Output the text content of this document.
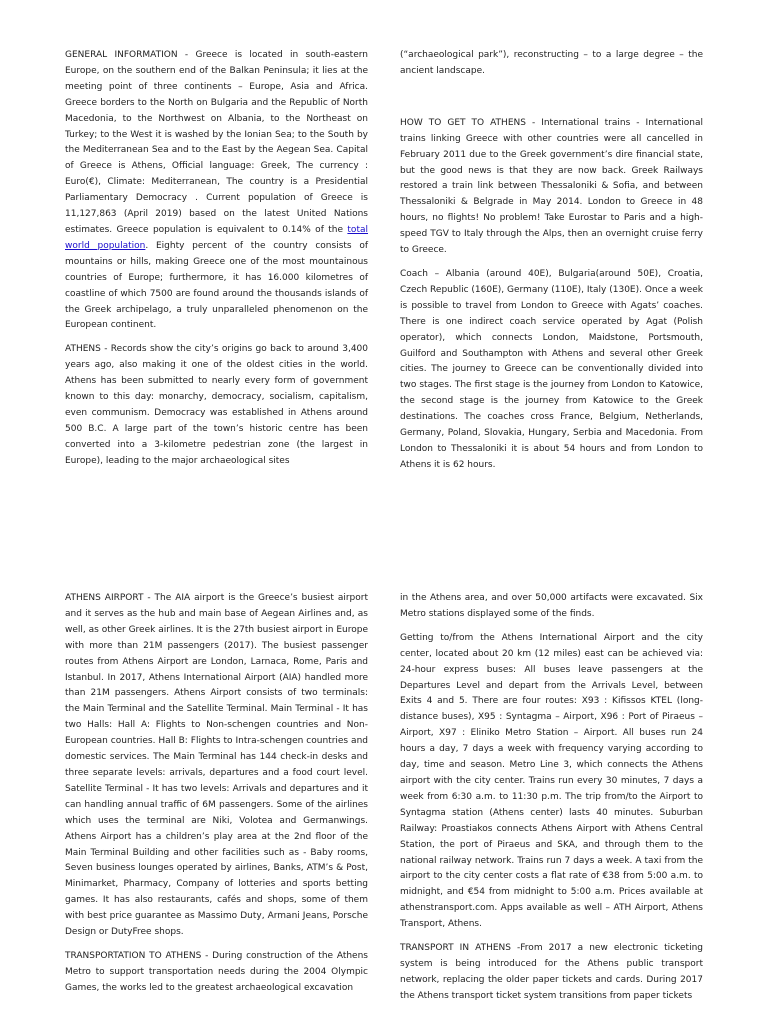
GENERAL INFORMATION - Greece is located in south-eastern Europe, on the southern end of the Balkan Peninsula; it lies at the meeting point of three continents – Europe, Asia and Africa. Greece borders to the North on Bulgaria and the Republic of North Macedonia, to the Northwest on Albania, to the Northeast on Turkey; to the West it is washed by the Ionian Sea; to the South by the Mediterranean Sea and to the East by the Aegean Sea. Capital of Greece is Athens, Official language: Greek, The currency : Euro(€), Climate: Mediterranean, The country is a Presidential Parliamentary Democracy . Current population of Greece is 11,127,863 (April 2019) based on the latest United Nations estimates. Greece population is equivalent to 0.14% of the total world population. Eighty percent of the country consists of mountains or hills, making Greece one of the most mountainous countries of Europe; furthermore, it has 16.000 kilometres of coastline of which 7500 are found around the thousands islands of the Greek archipelago, a truly unparalleled phenomenon on the European continent.

ATHENS - Records show the city’s origins go back to around 3,400 years ago, also making it one of the oldest cities in the world. Athens has been submitted to nearly every form of government known to this day: monarchy, democracy, socialism, capitalism, even communism. Democracy was established in Athens around 500 B.C. A large part of the town’s historic centre has been converted into a 3-kilometre pedestrian zone (the largest in Europe), leading to the major archaeological sites

(“archaeological park”), reconstructing – to a large degree – the ancient landscape.

HOW TO GET TO ATHENS - International trains - International trains linking Greece with other countries were all cancelled in February 2011 due to the Greek government’s dire financial state, but the good news is that they are now back. Greek Railways restored a train link between Thessaloniki & Sofia, and between Thessaloniki & Belgrade in May 2014. London to Greece in 48 hours, no flights! No problem! Take Eurostar to Paris and a high-speed TGV to Italy through the Alps, then an overnight cruise ferry to Greece.

Coach – Albania (around 40E), Bulgaria(around 50E), Croatia, Czech Republic (160E), Germany (110E), Italy (130E). Once a week is possible to travel from London to Greece with Agats’ coaches. There is one indirect coach service operated by Agat (Polish operator), which connects London, Maidstone, Portsmouth, Guilford and Southampton with Athens and several other Greek cities. The journey to Greece can be conventionally divided into two stages. The first stage is the journey from London to Katowice, the second stage is the journey from Katowice to the Greek destinations. The coaches cross France, Belgium, Netherlands, Germany, Poland, Slovakia, Hungary, Serbia and Macedonia. From London to Thessaloniki it is about 54 hours and from London to Athens it is 62 hours.

ATHENS AIRPORT - The AIA airport is the Greece’s busiest airport and it serves as the hub and main base of Aegean Airlines and, as well, as other Greek airlines. It is the 27th busiest airport in Europe with more than 21M passengers (2017). The busiest passenger routes from Athens Airport are London, Larnaca, Rome, Paris and Istanbul. In 2017, Athens International Airport (AIA) handled more than 21M passengers. Athens Airport consists of two terminals: the Main Terminal and the Satellite Terminal. Main Terminal - It has two Halls: Hall A: Flights to Non-schengen countries and Non-European countries. Hall B: Flights to Intra-schengen countries and domestic services. The Main Terminal has 144 check-in desks and three separate levels: arrivals, departures and a food court level. Satellite Terminal - It has two levels: Arrivals and departures and it can handling annual traffic of 6M passengers. Some of the airlines which uses the terminal are Niki, Volotea and Germanwings. Athens Airport has a children’s play area at the 2nd floor of the Main Terminal Building and other facilities such as - Baby rooms, Seven business lounges operated by airlines, Banks, ATM’s & Post, Minimarket, Pharmacy, Company of lotteries and sports betting games. It has also restaurants, cafés and shops, some of them with best price guarantee as Massimo Duty, Armani Jeans, Porsche Design or DutyFree shops.

TRANSPORTATION TO ATHENS - During construction of the Athens Metro to support transportation needs during the 2004 Olympic Games, the works led to the greatest archaeological excavation

in the Athens area, and over 50,000 artifacts were excavated. Six Metro stations displayed some of the finds.

Getting to/from the Athens International Airport and the city center, located about 20 km (12 miles) east can be achieved via: 24-hour express buses: All buses leave passengers at the Departures Level and depart from the Arrivals Level, between Exits 4 and 5. There are four routes: X93 : Kifissos KTEL (long-distance buses), X95 : Syntagma – Airport, X96 : Port of Piraeus – Airport, X97 : Eliniko Metro Station – Airport. All buses run 24 hours a day, 7 days a week with frequency varying according to day, time and season. Metro Line 3, which connects the Athens airport with the city center. Trains run every 30 minutes, 7 days a week from 6:30 a.m. to 11:30 p.m. The trip from/to the Airport to Syntagma station (Athens center) lasts 40 minutes. Suburban Railway: Proastiakos connects Athens Airport with Athens Central Station, the port of Piraeus and SKA, and through them to the national railway network. Trains run 7 days a week. A taxi from the airport to the city center costs a flat rate of €38 from 5:00 a.m. to midnight, and €54 from midnight to 5:00 a.m. Prices available at athenstransport.com. Apps available as well – ATH Airport, Athens Transport, Athens.

TRANSPORT IN ATHENS -From 2017 a new electronic ticketing system is being introduced for the Athens public transport network, replacing the older paper tickets and cards. During 2017 the Athens transport ticket system transitions from paper tickets
